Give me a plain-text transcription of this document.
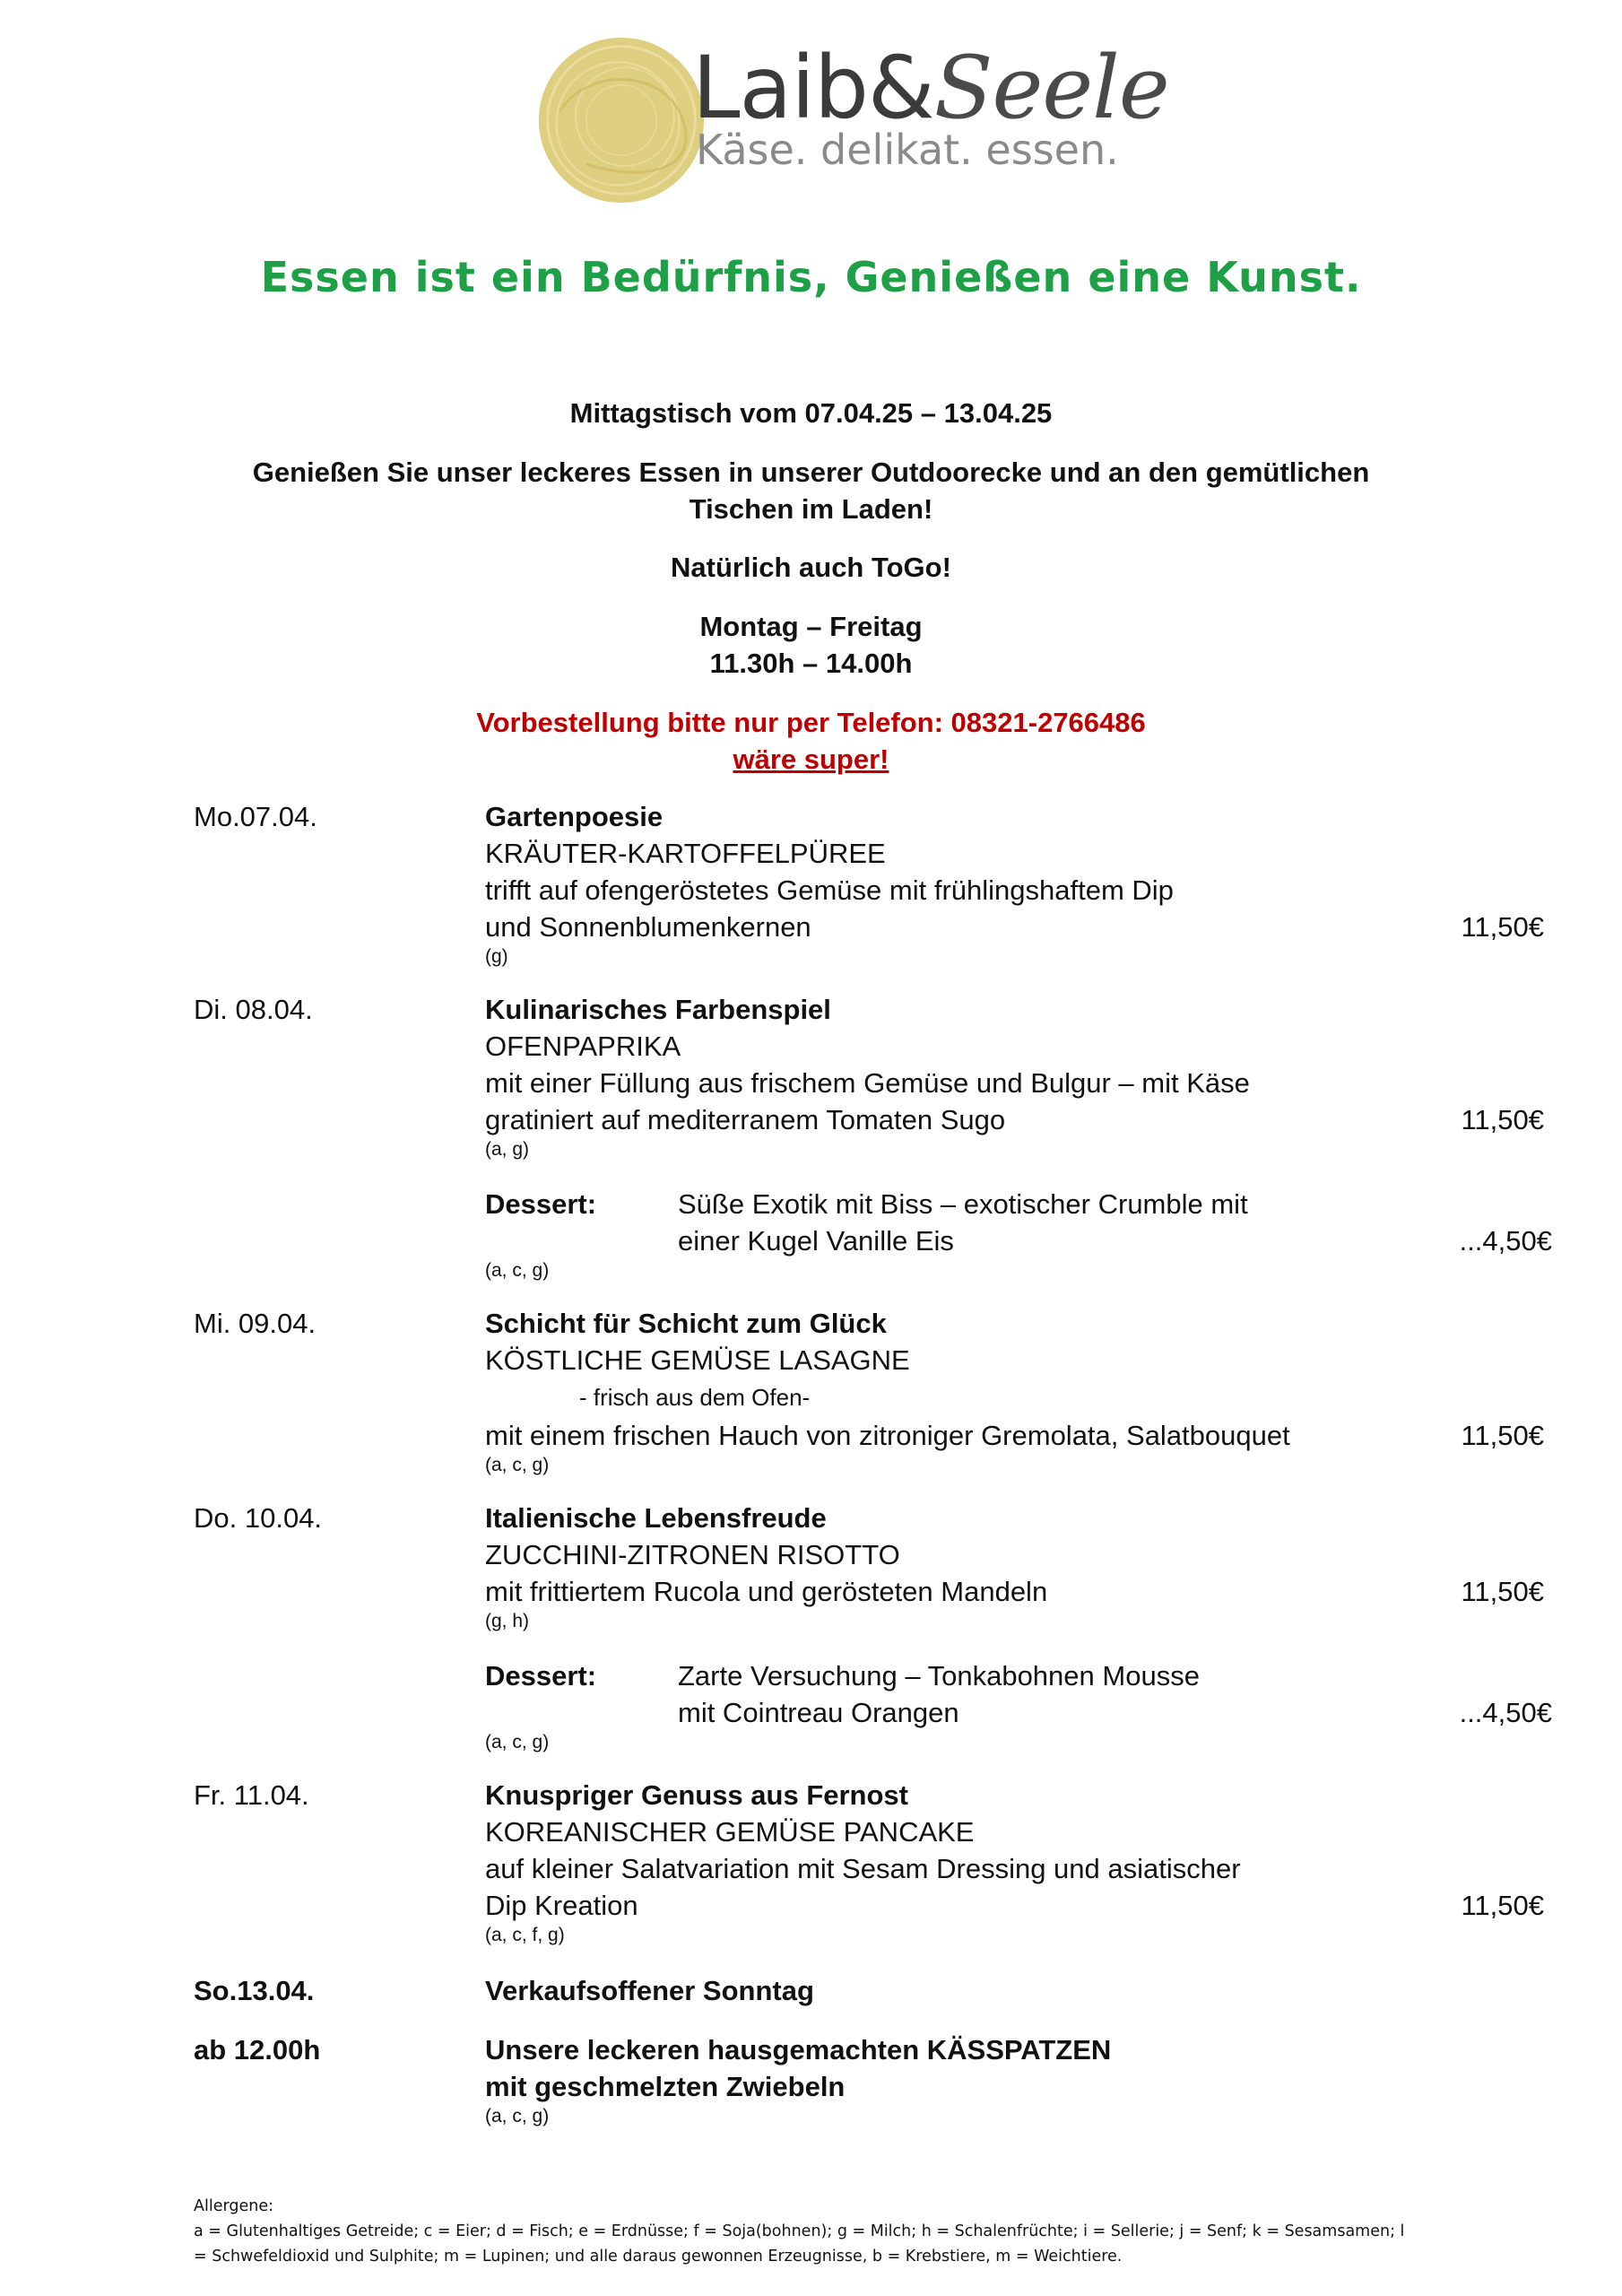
Laib&Seele
Käse. delikat. essen.
Essen ist ein Bedürfnis, Genießen eine Kunst.
Mittagstisch vom 07.04.25 – 13.04.25
Genießen Sie unser leckeres Essen in unserer Outdoorecke und an den gemütlichen
Tischen im Laden!
Natürlich auch ToGo!
Montag – Freitag
11.30h – 14.00h
Vorbestellung bitte nur per Telefon: 08321-2766486
wäre super!
Mo.07.04.	Gartenpoesie
KRÄUTER-KARTOFFELPÜREE
trifft auf ofengeröstetes Gemüse mit frühlingshaftem Dip
und Sonnenblumenkernen	11,50€
(g)
Di. 08.04.	Kulinarisches Farbenspiel
OFENPAPRIKA
mit einer Füllung aus frischem Gemüse und Bulgur – mit Käse
gratiniert auf mediterranem Tomaten Sugo	11,50€
(a, g)
Dessert:	Süße Exotik mit Biss – exotischer Crumble mit
einer Kugel Vanille Eis	...4,50€
(a, c, g)
Mi. 09.04.	Schicht für Schicht zum Glück
KÖSTLICHE GEMÜSE LASAGNE
- frisch aus dem Ofen-
mit einem frischen Hauch von zitroniger Gremolata, Salatbouquet	11,50€
(a, c, g)
Do. 10.04.	Italienische Lebensfreude
ZUCCHINI-ZITRONEN RISOTTO
mit frittiertem Rucola und gerösteten Mandeln	11,50€
(g, h)
Dessert:	Zarte Versuchung – Tonkabohnen Mousse
mit Cointreau Orangen	...4,50€
(a, c, g)
Fr. 11.04.	Knuspriger Genuss aus Fernost
KOREANISCHER GEMÜSE PANCAKE
auf kleiner Salatvariation mit Sesam Dressing und asiatischer
Dip Kreation	11,50€
(a, c, f, g)
So.13.04.	Verkaufsoffener Sonntag
ab 12.00h	Unsere leckeren hausgemachten KÄSSPATZEN
mit geschmelzten Zwiebeln
(a, c, g)
Allergene:
a = Glutenhaltiges Getreide; c = Eier; d = Fisch; e = Erdnüsse; f = Soja(bohnen); g = Milch; h = Schalenfrüchte; i = Sellerie; j = Senf; k = Sesamsamen; l
= Schwefeldioxid und Sulphite; m = Lupinen; und alle daraus gewonnen Erzeugnisse, b = Krebstiere, m = Weichtiere.
